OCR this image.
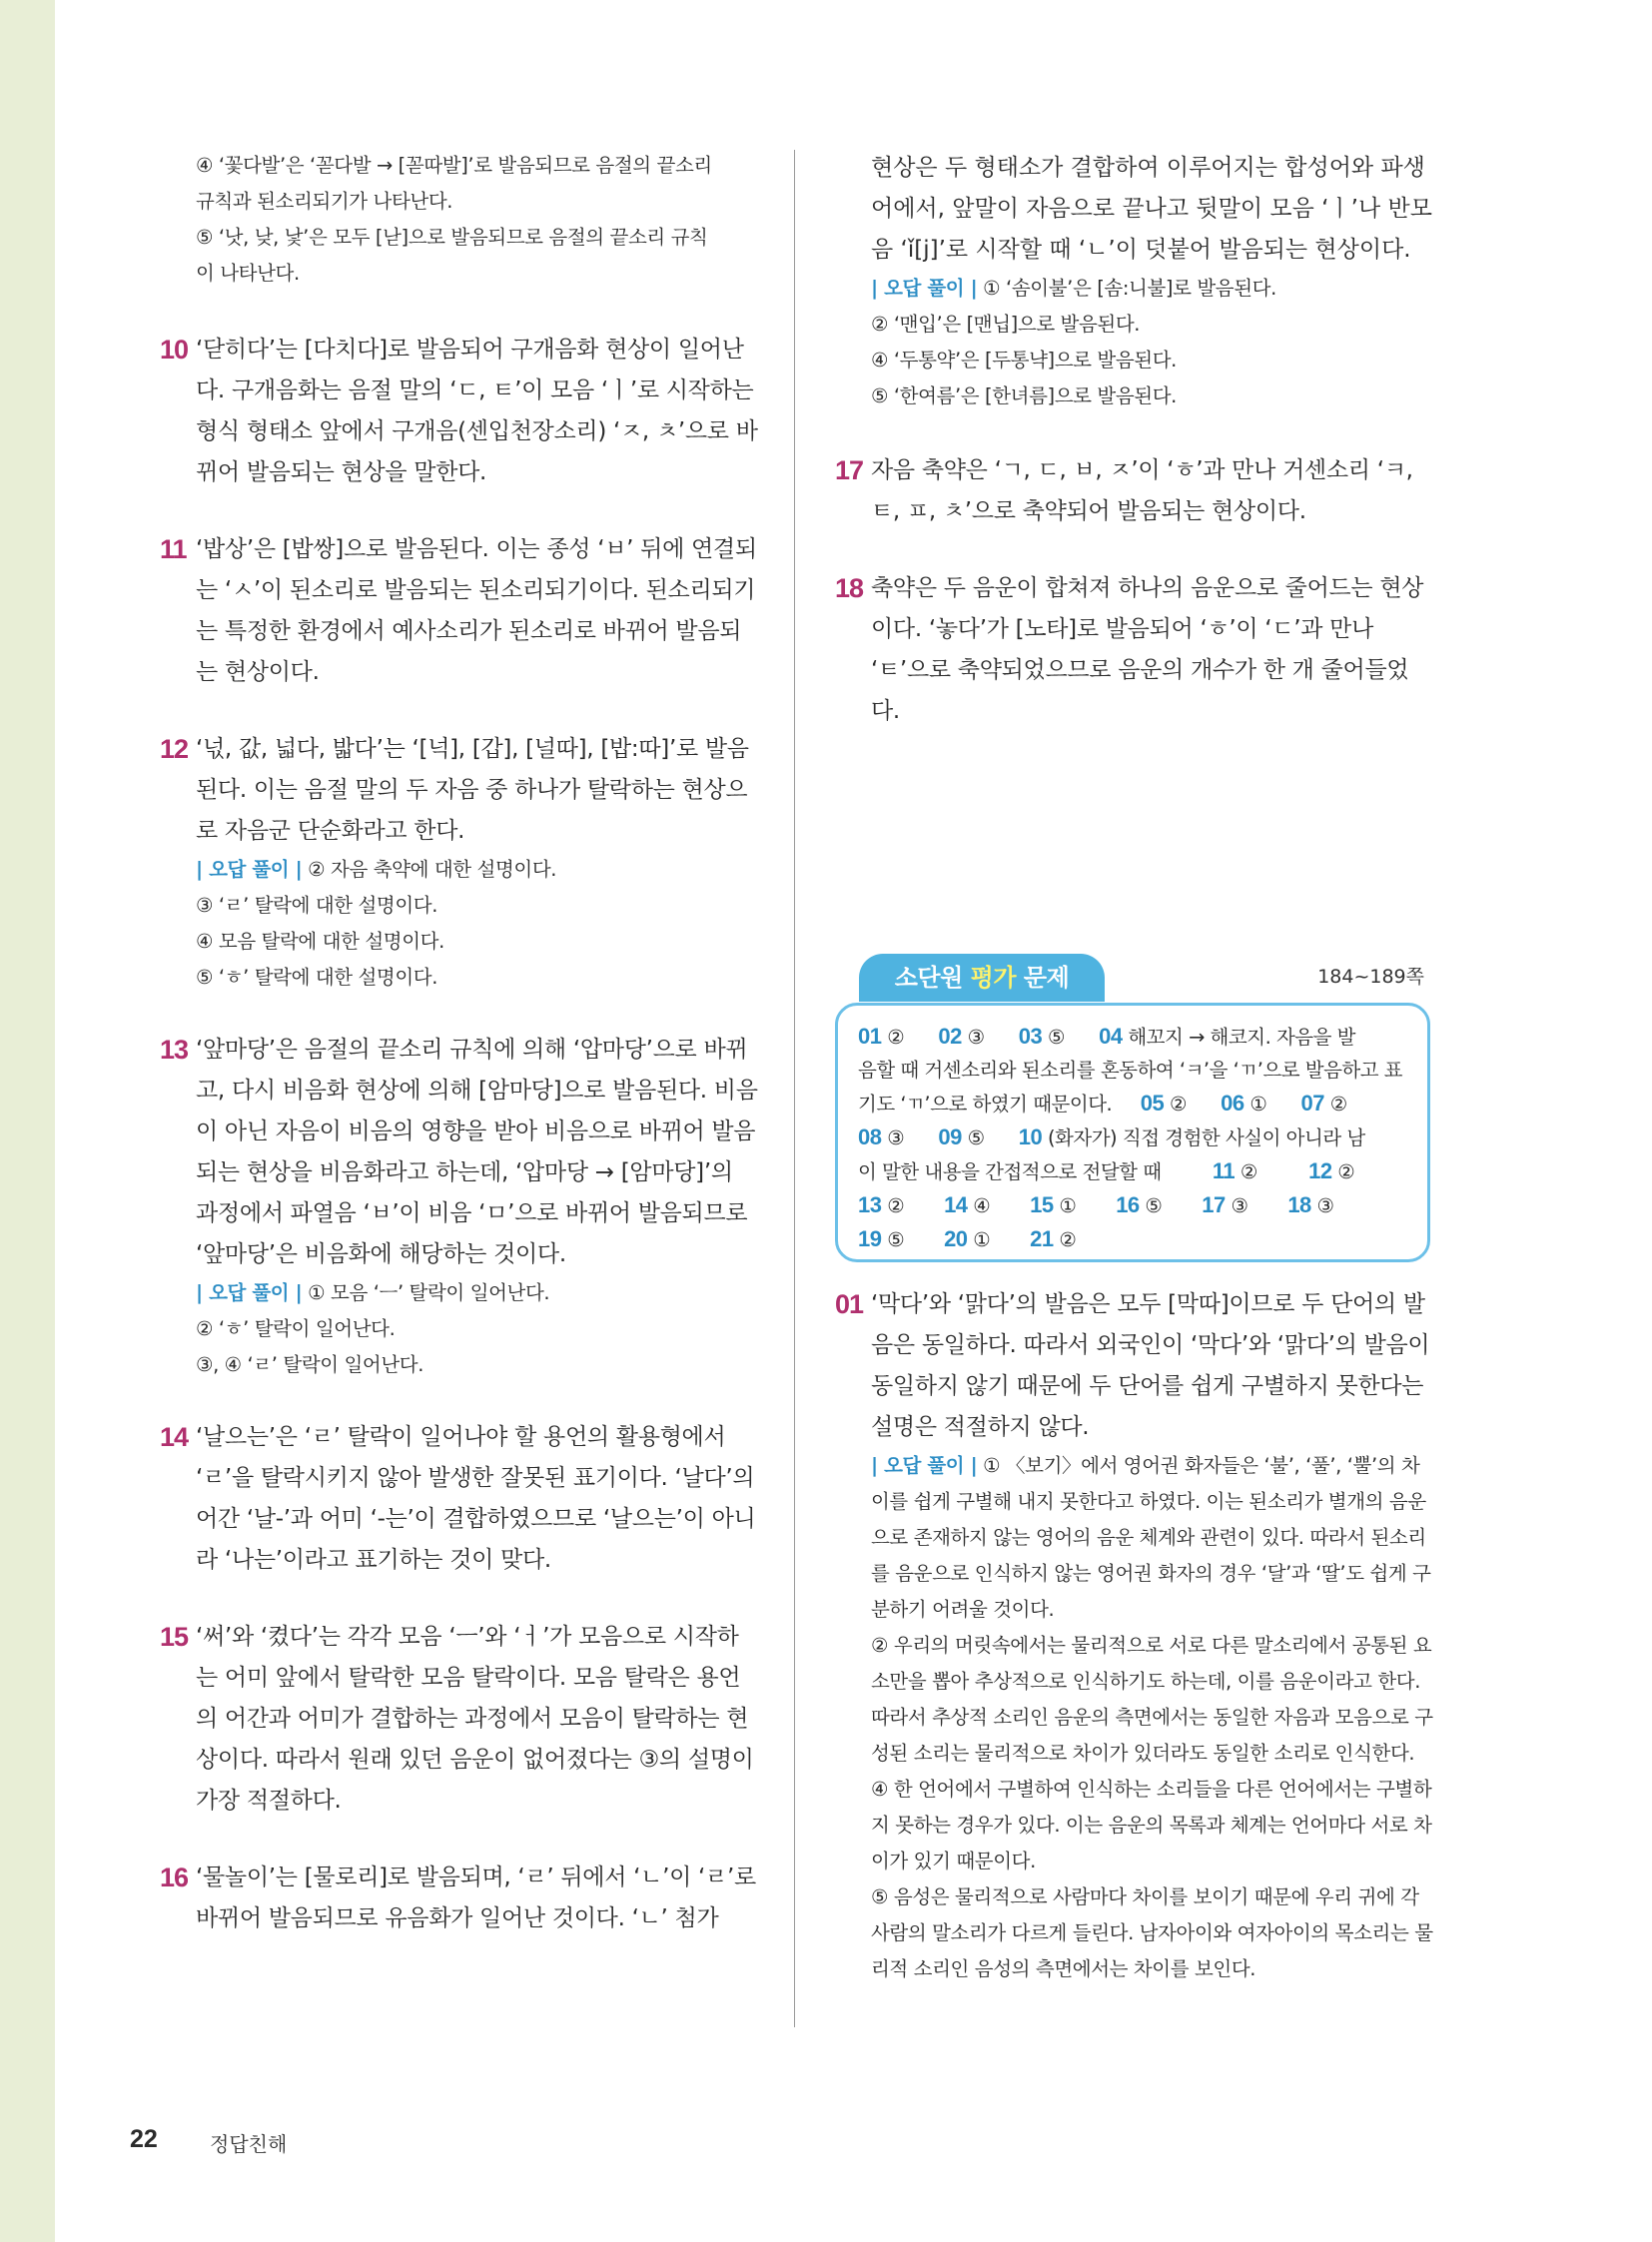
④ ‘꽃다발’은 ‘꼳다발 → [꼳따발]’로 발음되므로 음절의 끝소리
규칙과 된소리되기가 나타난다.
⑤ ‘낫, 낮, 낯’은 모두 [낟]으로 발음되므로 음절의 끝소리 규칙
이 나타난다.
10 ‘닫히다’는 [다치다]로 발음되어 구개음화 현상이 일어난다. 구개음화는 음절 말의 ‘ㄷ, ㅌ’이 모음 ‘ㅣ’로 시작하는 형식 형태소 앞에서 구개음(센입천장소리) ‘ㅈ, ㅊ’으로 바뀌어 발음되는 현상을 말한다.
11 ‘밥상’은 [밥쌍]으로 발음된다. 이는 종성 ‘ㅂ’ 뒤에 연결되는 ‘ㅅ’이 된소리로 발음되는 된소리되기이다. 된소리되기는 특정한 환경에서 예사소리가 된소리로 바뀌어 발음되는 현상이다.
12 ‘넋, 값, 넓다, 밟다’는 ‘[넉], [갑], [널따], [밥:따]’로 발음된다. 이는 음절 말의 두 자음 중 하나가 탈락하는 현상으로 자음군 단순화라고 한다.
| 오답 풀이 | ② 자음 축약에 대한 설명이다.
③ ‘ㄹ’ 탈락에 대한 설명이다.
④ 모음 탈락에 대한 설명이다.
⑤ ‘ㅎ’ 탈락에 대한 설명이다.
13 ‘앞마당’은 음절의 끝소리 규칙에 의해 ‘압마당’으로 바뀌고, 다시 비음화 현상에 의해 [암마당]으로 발음된다. 비음이 아닌 자음이 비음의 영향을 받아 비음으로 바뀌어 발음되는 현상을 비음화라고 하는데, ‘압마당 → [암마당]’의 과정에서 파열음 ‘ㅂ’이 비음 ‘ㅁ’으로 바뀌어 발음되므로 ‘앞마당’은 비음화에 해당하는 것이다.
| 오답 풀이 | ① 모음 ‘ㅡ’ 탈락이 일어난다.
② ‘ㅎ’ 탈락이 일어난다.
③, ④ ‘ㄹ’ 탈락이 일어난다.
14 ‘날으는’은 ‘ㄹ’ 탈락이 일어나야 할 용언의 활용형에서 ‘ㄹ’을 탈락시키지 않아 발생한 잘못된 표기이다. ‘날다’의 어간 ‘날-’과 어미 ‘-는’이 결합하였으므로 ‘날으는’이 아니라 ‘나는’이라고 표기하는 것이 맞다.
15 ‘써’와 ‘켰다’는 각각 모음 ‘ㅡ’와 ‘ㅓ’가 모음으로 시작하는 어미 앞에서 탈락한 모음 탈락이다. 모음 탈락은 용언의 어간과 어미가 결합하는 과정에서 모음이 탈락하는 현상이다. 따라서 원래 있던 음운이 없어졌다는 ③의 설명이 가장 적절하다.
16 ‘물놀이’는 [물로리]로 발음되며, ‘ㄹ’ 뒤에서 ‘ㄴ’이 ‘ㄹ’로 바뀌어 발음되므로 유음화가 일어난 것이다. ‘ㄴ’ 첨가
현상은 두 형태소가 결합하여 이루어지는 합성어와 파생어에서, 앞말이 자음으로 끝나고 뒷말이 모음 ‘ㅣ’나 반모음 ‘ǐ[j]’로 시작할 때 ‘ㄴ’이 덧붙어 발음되는 현상이다.
| 오답 풀이 | ① ‘솜이불’은 [솜:니불]로 발음된다.
② ‘맨입’은 [맨닙]으로 발음된다.
④ ‘두통약’은 [두통냑]으로 발음된다.
⑤ ‘한여름’은 [한녀름]으로 발음된다.
17 자음 축약은 ‘ㄱ, ㄷ, ㅂ, ㅈ’이 ‘ㅎ’과 만나 거센소리 ‘ㅋ, ㅌ, ㅍ, ㅊ’으로 축약되어 발음되는 현상이다.
18 축약은 두 음운이 합쳐져 하나의 음운으로 줄어드는 현상이다. ‘놓다’가 [노타]로 발음되어 ‘ㅎ’이 ‘ㄷ’과 만나 ‘ㅌ’으로 축약되었으므로 음운의 개수가 한 개 줄어들었다.
소단원 평가 문제	184~189쪽
01 ② 02 ③ 03 ⑤ 04 해꼬지 → 해코지. 자음을 발
음할 때 거센소리와 된소리를 혼동하여 ‘ㅋ’을 ‘ㄲ’으로 발음하고 표
기도 ‘ㄲ’으로 하였기 때문이다. 05 ② 06 ① 07 ②
08 ③ 09 ⑤ 10 (화자가) 직접 경험한 사실이 아니라 남
이 말한 내용을 간접적으로 전달할 때 11 ② 12 ②
13 ② 14 ④ 15 ① 16 ⑤ 17 ③ 18 ③
19 ⑤ 20 ① 21 ②
01 ‘막다’와 ‘맑다’의 발음은 모두 [막따]이므로 두 단어의 발음은 동일하다. 따라서 외국인이 ‘막다’와 ‘맑다’의 발음이 동일하지 않기 때문에 두 단어를 쉽게 구별하지 못한다는 설명은 적절하지 않다.
| 오답 풀이 | ① 〈보기〉에서 영어권 화자들은 ‘불’, ‘풀’, ‘뿔’의 차이를 쉽게 구별해 내지 못한다고 하였다. 이는 된소리가 별개의 음운으로 존재하지 않는 영어의 음운 체계와 관련이 있다. 따라서 된소리를 음운으로 인식하지 않는 영어권 화자의 경우 ‘달’과 ‘딸’도 쉽게 구분하기 어려울 것이다.
② 우리의 머릿속에서는 물리적으로 서로 다른 말소리에서 공통된 요소만을 뽑아 추상적으로 인식하기도 하는데, 이를 음운이라고 한다. 따라서 추상적 소리인 음운의 측면에서는 동일한 자음과 모음으로 구성된 소리는 물리적으로 차이가 있더라도 동일한 소리로 인식한다.
④ 한 언어에서 구별하여 인식하는 소리들을 다른 언어에서는 구별하지 못하는 경우가 있다. 이는 음운의 목록과 체계는 언어마다 서로 차이가 있기 때문이다.
⑤ 음성은 물리적으로 사람마다 차이를 보이기 때문에 우리 귀에 각 사람의 말소리가 다르게 들린다. 남자아이와 여자아이의 목소리는 물리적 소리인 음성의 측면에서는 차이를 보인다.
22	정답친해
